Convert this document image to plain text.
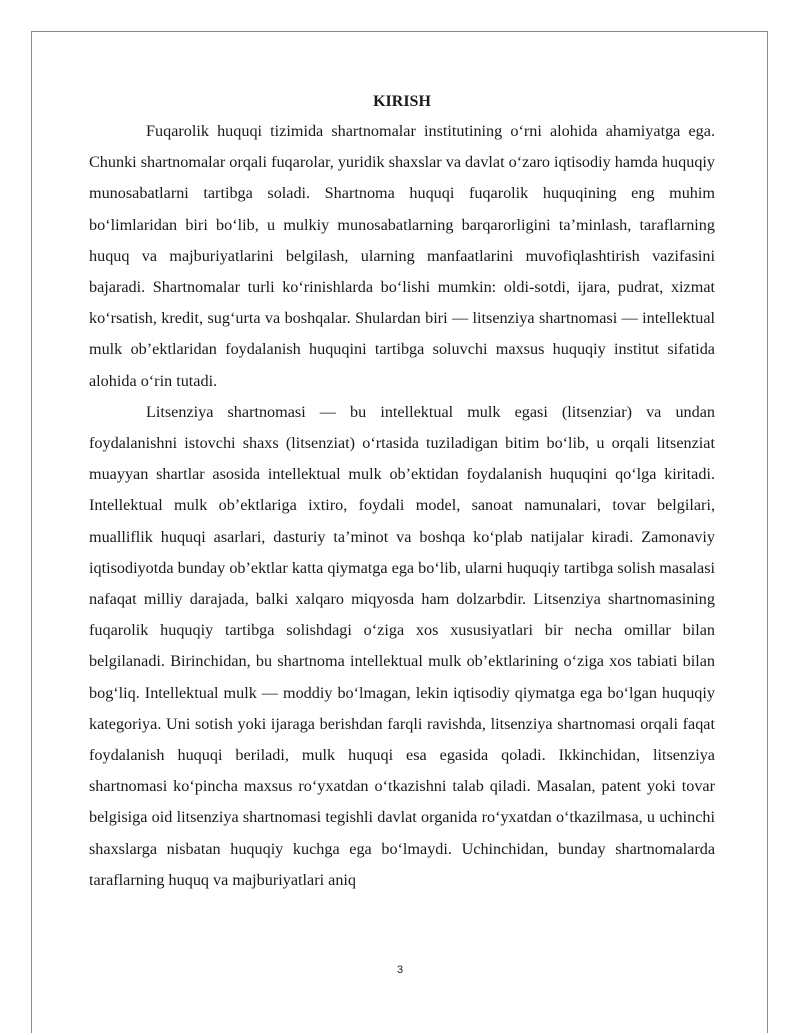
KIRISH

Fuqarolik huquqi tizimida shartnomalar institutining o‘rni alohida ahamiyatga ega. Chunki shartnomalar orqali fuqarolar, yuridik shaxslar va davlat o‘zaro iqtisodiy hamda huquqiy munosabatlarni tartibga soladi. Shartnoma huquqi fuqarolik huquqining eng muhim bo‘limlaridan biri bo‘lib, u mulkiy munosabatlarning barqarorligini ta’minlash, taraflarning huquq va majburiyatlarini belgilash, ularning manfaatlarini muvofiqlashtirish vazifasini bajaradi. Shartnomalar turli ko‘rinishlarda bo‘lishi mumkin: oldi-sotdi, ijara, pudrat, xizmat ko‘rsatish, kredit, sug‘urta va boshqalar. Shulardan biri — litsenziya shartnomasi — intellektual mulk ob’ektlaridan foydalanish huquqini tartibga soluvchi maxsus huquqiy institut sifatida alohida o‘rin tutadi.

Litsenziya shartnomasi — bu intellektual mulk egasi (litsenziar) va undan foydalanishni istovchi shaxs (litsenziat) o‘rtasida tuziladigan bitim bo‘lib, u orqali litsenziat muayyan shartlar asosida intellektual mulk ob’ektidan foydalanish huquqini qo‘lga kiritadi. Intellektual mulk ob’ektlariga ixtiro, foydali model, sanoat namunalari, tovar belgilari, mualliflik huquqi asarlari, dasturiy ta’minot va boshqa ko‘plab natijalar kiradi. Zamonaviy iqtisodiyotda bunday ob’ektlar katta qiymatga ega bo‘lib, ularni huquqiy tartibga solish masalasi nafaqat milliy darajada, balki xalqaro miqyosda ham dolzarbdir. Litsenziya shartnomasining fuqarolik huquqiy tartibga solishdagi o‘ziga xos xususiyatlari bir necha omillar bilan belgilanadi. Birinchidan, bu shartnoma intellektual mulk ob’ektlarining o‘ziga xos tabiati bilan bog‘liq. Intellektual mulk — moddiy bo‘lmagan, lekin iqtisodiy qiymatga ega bo‘lgan huquqiy kategoriya. Uni sotish yoki ijaraga berishdan farqli ravishda, litsenziya shartnomasi orqali faqat foydalanish huquqi beriladi, mulk huquqi esa egasida qoladi. Ikkinchidan, litsenziya shartnomasi ko‘pincha maxsus ro‘yxatdan o‘tkazishni talab qiladi. Masalan, patent yoki tovar belgisiga oid litsenziya shartnomasi tegishli davlat organida ro‘yxatdan o‘tkazilmasa, u uchinchi shaxslarga nisbatan huquqiy kuchga ega bo‘lmaydi. Uchinchidan, bunday shartnomalarda taraflarning huquq va majburiyatlari aniq

3
